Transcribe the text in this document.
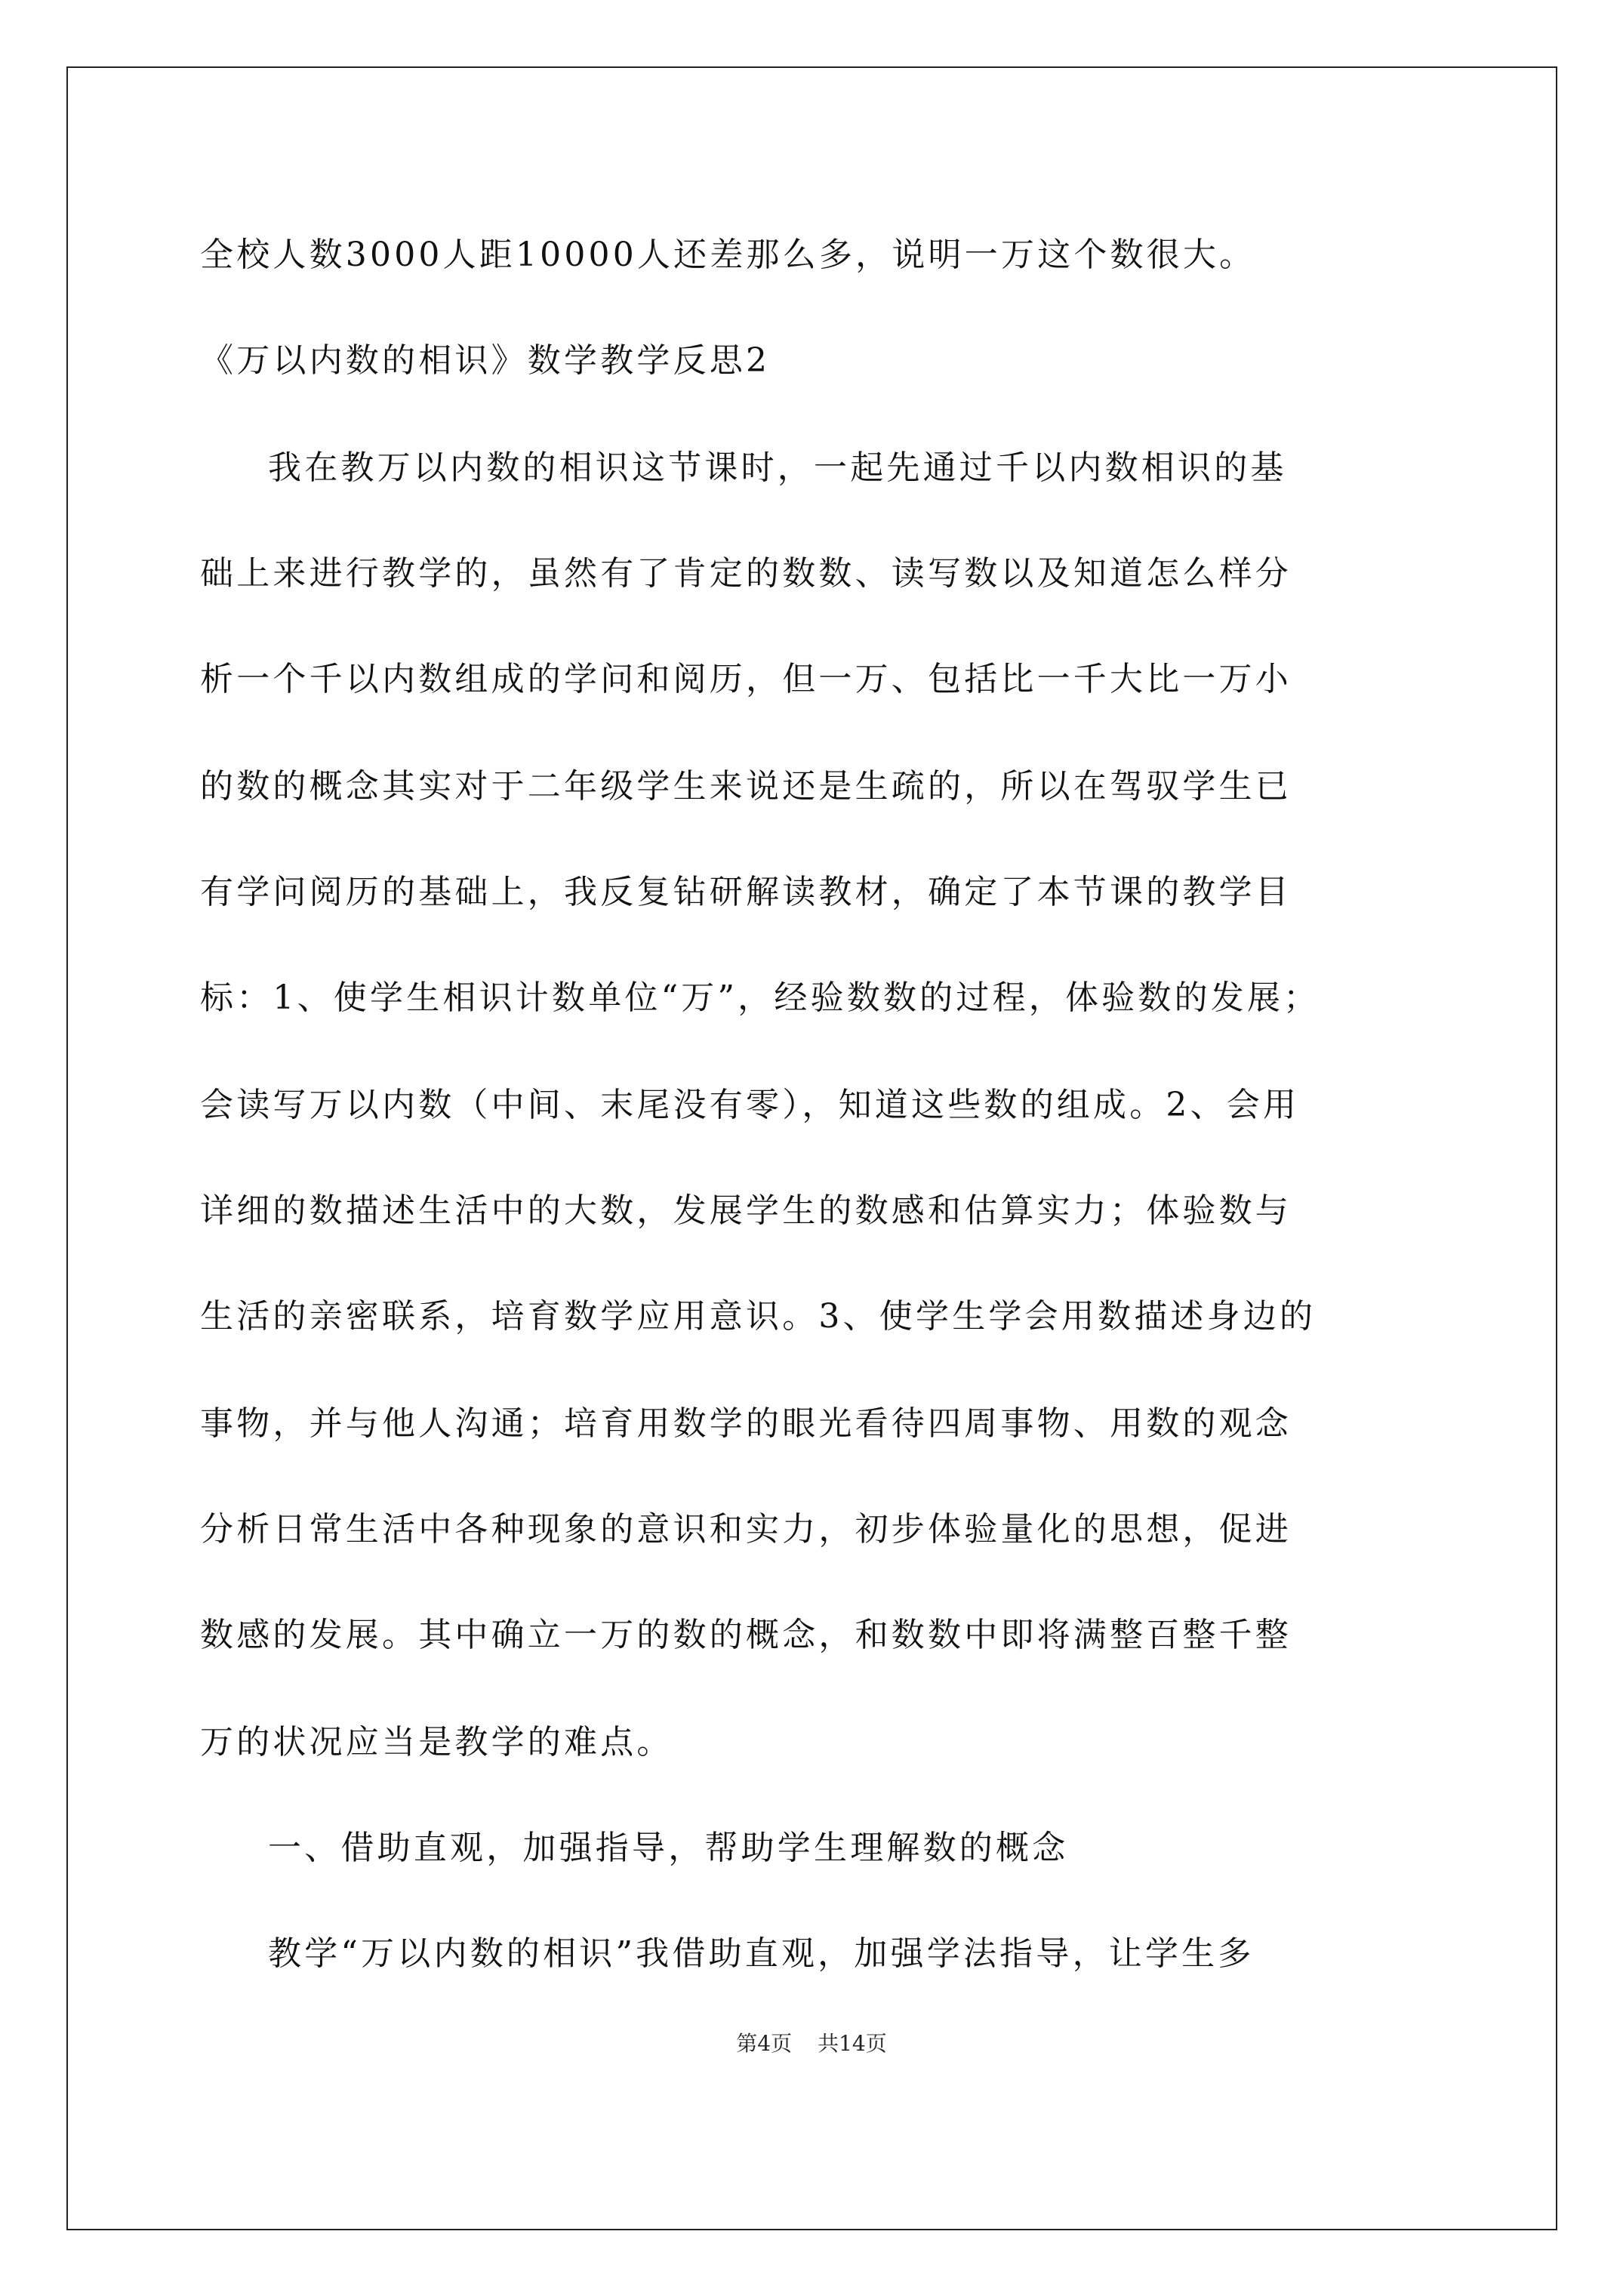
全校人数3000人距10000人还差那么多，说明一万这个数很大。
《万以内数的相识》数学教学反思2
我在教万以内数的相识这节课时，一起先通过千以内数相识的基
础上来进行教学的，虽然有了肯定的数数、读写数以及知道怎么样分
析一个千以内数组成的学问和阅历，但一万、包括比一千大比一万小
的数的概念其实对于二年级学生来说还是生疏的，所以在驾驭学生已
有学问阅历的基础上，我反复钻研解读教材，确定了本节课的教学目
标：1、使学生相识计数单位“万”，经验数数的过程，体验数的发展；
会读写万以内数（中间、末尾没有零），知道这些数的组成。2、会用
详细的数描述生活中的大数，发展学生的数感和估算实力；体验数与
生活的亲密联系，培育数学应用意识。3、使学生学会用数描述身边的
事物，并与他人沟通；培育用数学的眼光看待四周事物、用数的观念
分析日常生活中各种现象的意识和实力，初步体验量化的思想，促进
数感的发展。其中确立一万的数的概念，和数数中即将满整百整千整
万的状况应当是教学的难点。
一、借助直观，加强指导，帮助学生理解数的概念
教学“万以内数的相识”我借助直观，加强学法指导，让学生多
第4页 共14页
